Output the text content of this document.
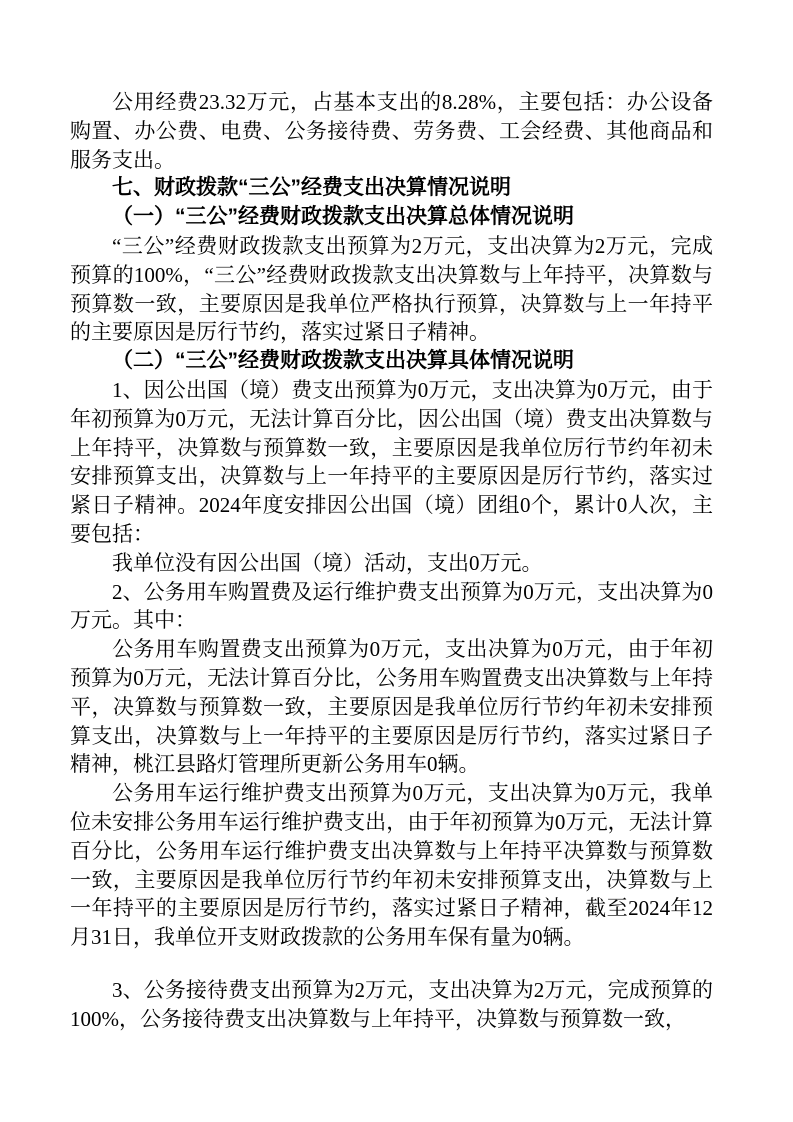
公用经费23.32万元，占基本支出的8.28%，主要包括：办公设备购置、办公费、电费、公务接待费、劳务费、工会经费、其他商品和服务支出。

七、财政拨款“三公”经费支出决算情况说明
（一）“三公”经费财政拨款支出决算总体情况说明

“三公”经费财政拨款支出预算为2万元，支出决算为2万元，完成预算的100%，“三公”经费财政拨款支出决算数与上年持平，决算数与预算数一致，主要原因是我单位严格执行预算，决算数与上一年持平的主要原因是厉行节约，落实过紧日子精神。

（二）“三公”经费财政拨款支出决算具体情况说明

1、因公出国（境）费支出预算为0万元，支出决算为0万元，由于年初预算为0万元，无法计算百分比，因公出国（境）费支出决算数与上年持平，决算数与预算数一致，主要原因是我单位厉行节约年初未安排预算支出，决算数与上一年持平的主要原因是厉行节约，落实过紧日子精神。2024年度安排因公出国（境）团组0个，累计0人次，主要包括：

我单位没有因公出国（境）活动，支出0万元。

2、公务用车购置费及运行维护费支出预算为0万元，支出决算为0万元。其中：

公务用车购置费支出预算为0万元，支出决算为0万元，由于年初预算为0万元，无法计算百分比，公务用车购置费支出决算数与上年持平，决算数与预算数一致，主要原因是我单位厉行节约年初未安排预算支出，决算数与上一年持平的主要原因是厉行节约，落实过紧日子精神，桃江县路灯管理所更新公务用车0辆。

公务用车运行维护费支出预算为0万元，支出决算为0万元，我单位未安排公务用车运行维护费支出，由于年初预算为0万元，无法计算百分比，公务用车运行维护费支出决算数与上年持平决算数与预算数一致，主要原因是我单位厉行节约年初未安排预算支出，决算数与上一年持平的主要原因是厉行节约，落实过紧日子精神，截至2024年12月31日，我单位开支财政拨款的公务用车保有量为0辆。

3、公务接待费支出预算为2万元，支出决算为2万元，完成预算的100%，公务接待费支出决算数与上年持平，决算数与预算数一致，
